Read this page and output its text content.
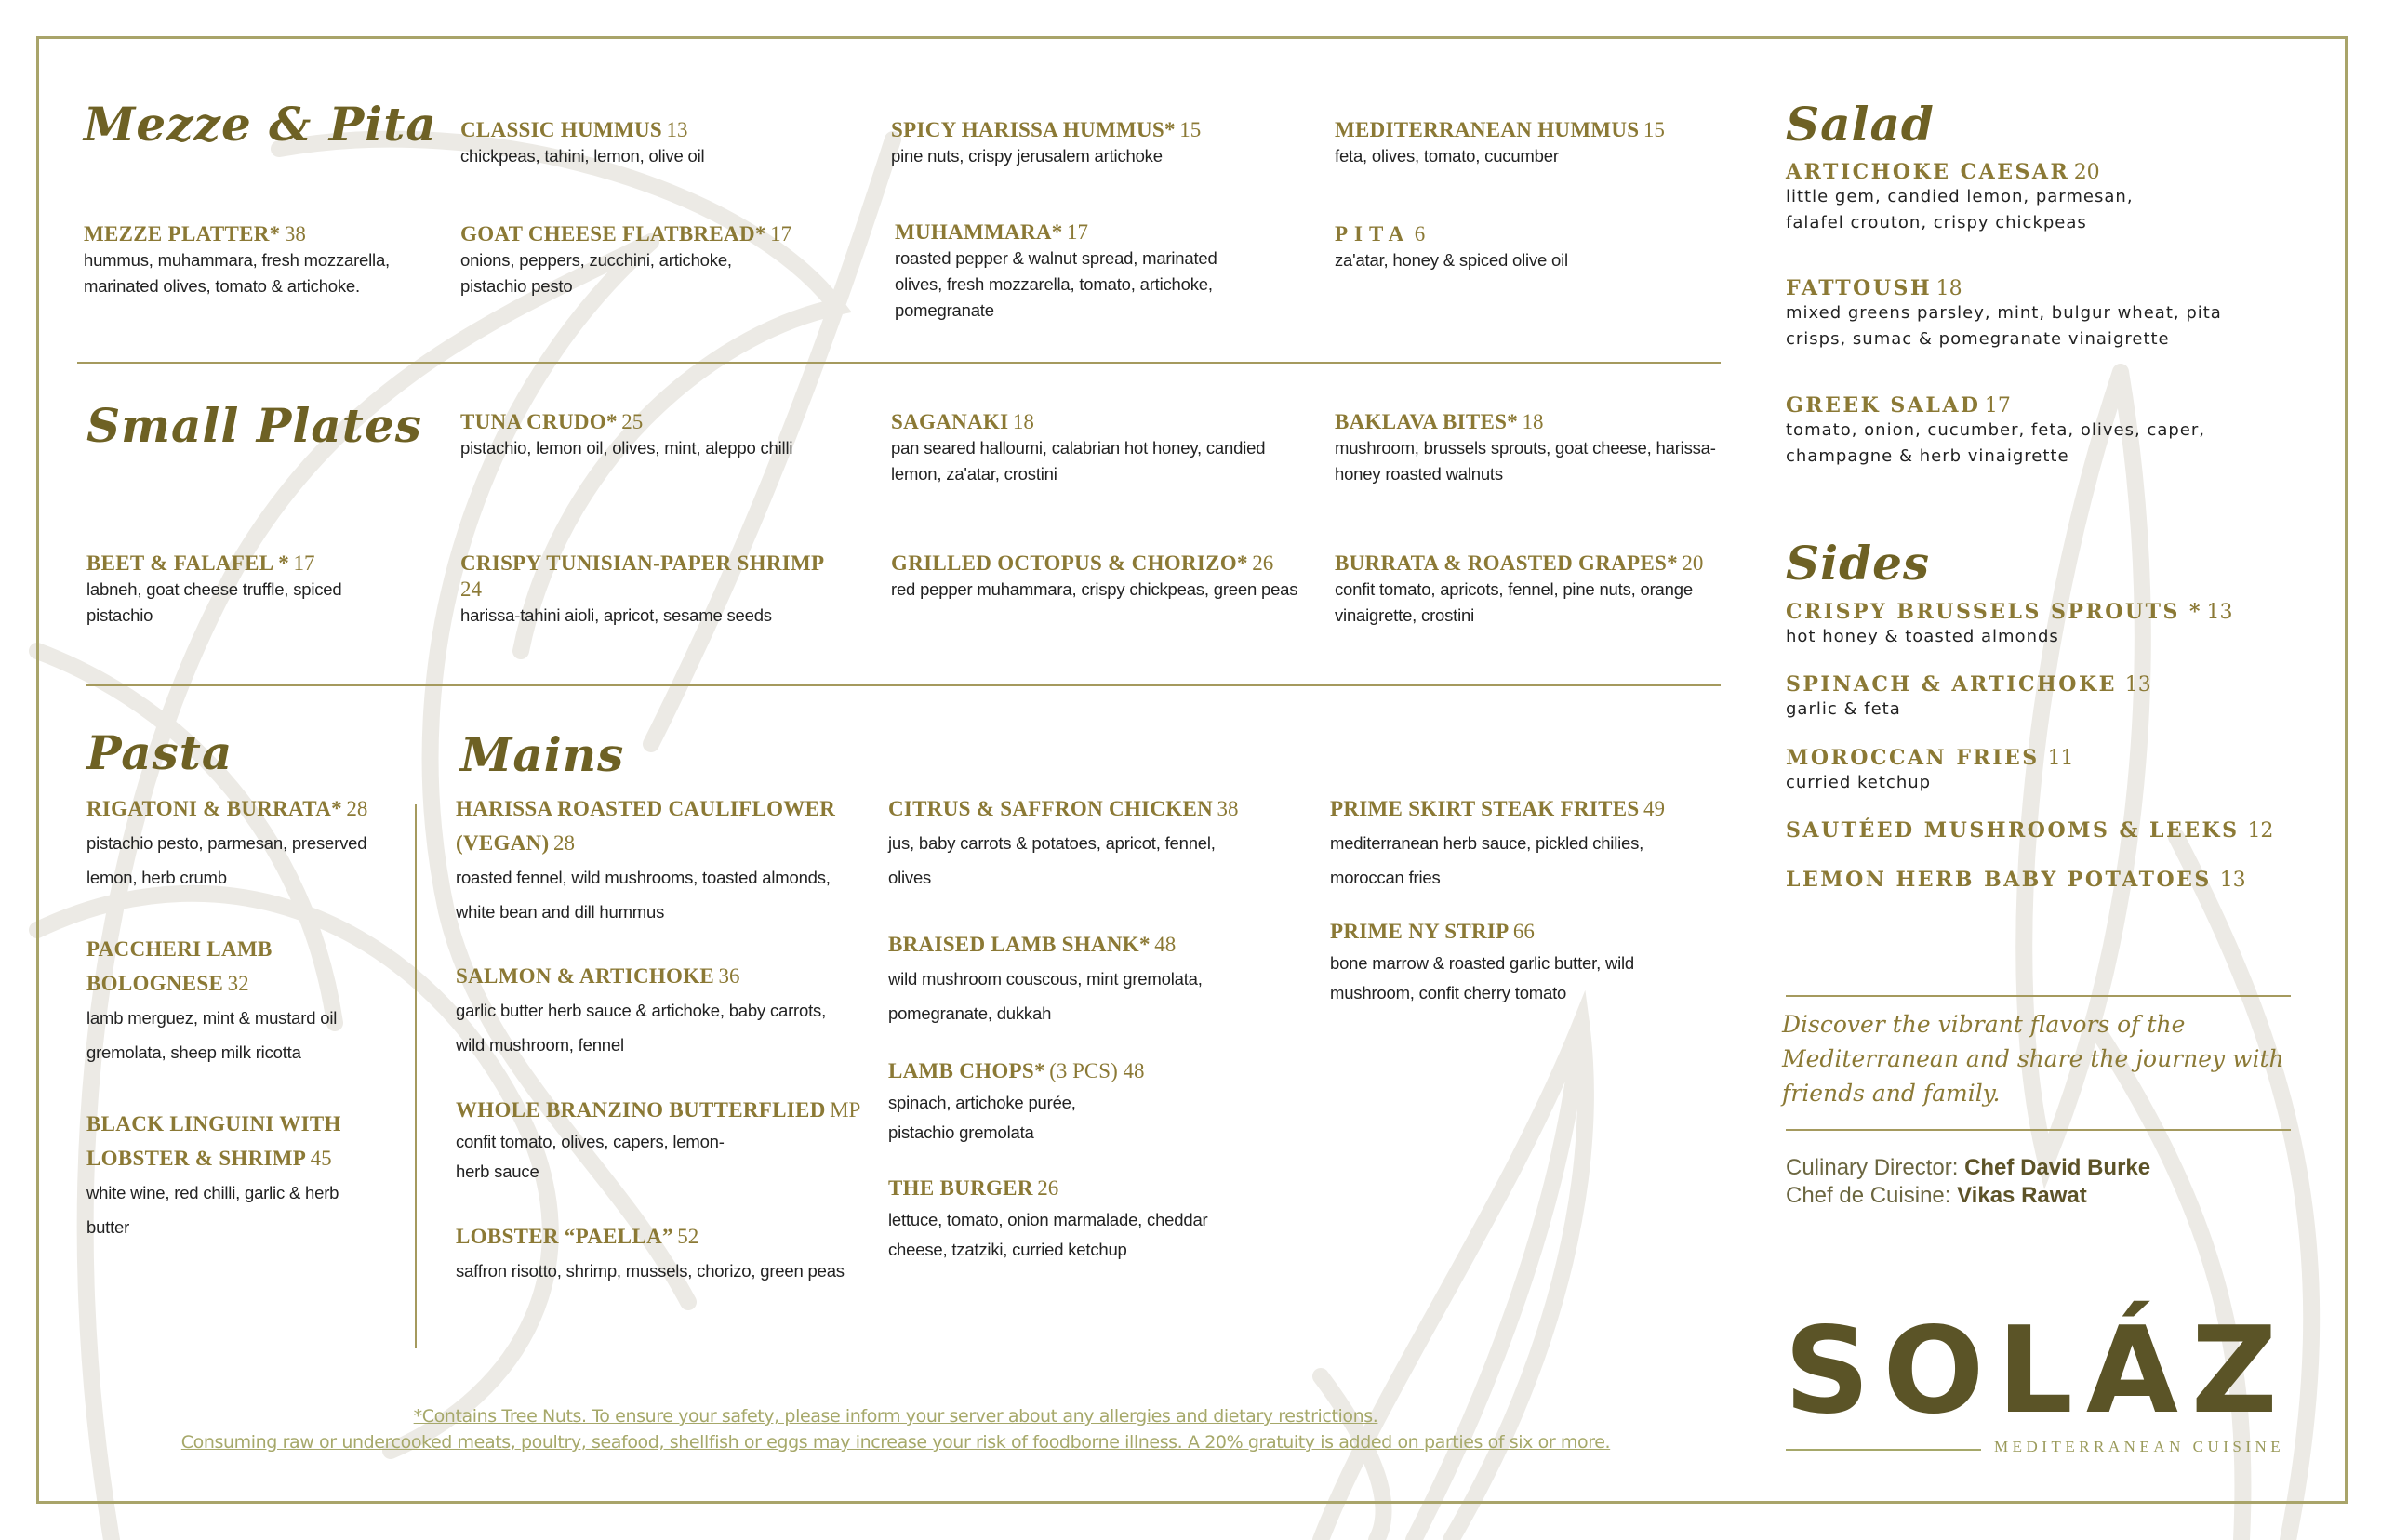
Mezze & Pita
Small Plates
Pasta	Mains
Salad
Sides
CLASSIC HUMMUS 13
chickpeas, tahini, lemon, olive oil
SPICY HARISSA HUMMUS* 15
pine nuts, crispy jerusalem artichoke
MEDITERRANEAN HUMMUS 15
feta, olives, tomato, cucumber
MEZZE PLATTER* 38
hummus, muhammara, fresh mozzarella, marinated olives, tomato & artichoke.
GOAT CHEESE FLATBREAD* 17
onions, peppers, zucchini, artichoke, pistachio pesto
MUHAMMARA* 17
roasted pepper & walnut spread, marinated olives, fresh mozzarella, tomato, artichoke, pomegranate
PITA 6
za'atar, honey & spiced olive oil
TUNA CRUDO* 25
pistachio, lemon oil, olives, mint, aleppo chilli
SAGANAKI 18
pan seared halloumi, calabrian hot honey, candied lemon, za'atar, crostini
BAKLAVA BITES* 18
mushroom, brussels sprouts, goat cheese, harissa-honey roasted walnuts
BEET & FALAFEL * 17
labneh, goat cheese truffle, spiced pistachio
CRISPY TUNISIAN-PAPER SHRIMP 24
harissa-tahini aioli, apricot, sesame seeds
GRILLED OCTOPUS & CHORIZO* 26
red pepper muhammara, crispy chickpeas, green peas
BURRATA & ROASTED GRAPES* 20
confit tomato, apricots, fennel, pine nuts, orange vinaigrette, crostini
RIGATONI & BURRATA* 28
pistachio pesto, parmesan, preserved lemon, herb crumb
PACCHERI LAMB BOLOGNESE 32
lamb merguez, mint & mustard oil gremolata, sheep milk ricotta
BLACK LINGUINI WITH LOBSTER & SHRIMP 45
white wine, red chilli, garlic & herb butter
HARISSA ROASTED CAULIFLOWER (VEGAN) 28
roasted fennel, wild mushrooms, toasted almonds, white bean and dill hummus
SALMON & ARTICHOKE 36
garlic butter herb sauce & artichoke, baby carrots, wild mushroom, fennel
WHOLE BRANZINO BUTTERFLIED MP
confit tomato, olives, capers, lemon-herb sauce
LOBSTER “PAELLA” 52
saffron risotto, shrimp, mussels, chorizo, green peas
CITRUS & SAFFRON CHICKEN 38
jus, baby carrots & potatoes, apricot, fennel, olives
BRAISED LAMB SHANK* 48
wild mushroom couscous, mint gremolata, pomegranate, dukkah
LAMB CHOPS* (3 PCS) 48
spinach, artichoke purée, pistachio gremolata
THE BURGER 26
lettuce, tomato, onion marmalade, cheddar cheese, tzatziki, curried ketchup
PRIME SKIRT STEAK FRITES 49
mediterranean herb sauce, pickled chilies, moroccan fries
PRIME NY STRIP 66
bone marrow & roasted garlic butter, wild mushroom, confit cherry tomato
ARTICHOKE CAESAR 20
little gem, candied lemon, parmesan, falafel crouton, crispy chickpeas
FATTOUSH 18
mixed greens parsley, mint, bulgur wheat, pita crisps, sumac & pomegranate vinaigrette
GREEK SALAD 17
tomato, onion, cucumber, feta, olives, caper, champagne & herb vinaigrette
CRISPY BRUSSELS SPROUTS * 13
hot honey & toasted almonds
SPINACH & ARTICHOKE 13
garlic & feta
MOROCCAN FRIES 11
curried ketchup
SAUTÉED MUSHROOMS & LEEKS 12
LEMON HERB BABY POTATOES 13
Discover the vibrant flavors of the Mediterranean and share the journey with friends and family.
Culinary Director: Chef David Burke
Chef de Cuisine: Vikas Rawat
SOLÁZ
MEDITERRANEAN CUISINE
*Contains Tree Nuts. To ensure your safety, please inform your server about any allergies and dietary restrictions.
Consuming raw or undercooked meats, poultry, seafood, shellfish or eggs may increase your risk of foodborne illness. A 20% gratuity is added on parties of six or more.
